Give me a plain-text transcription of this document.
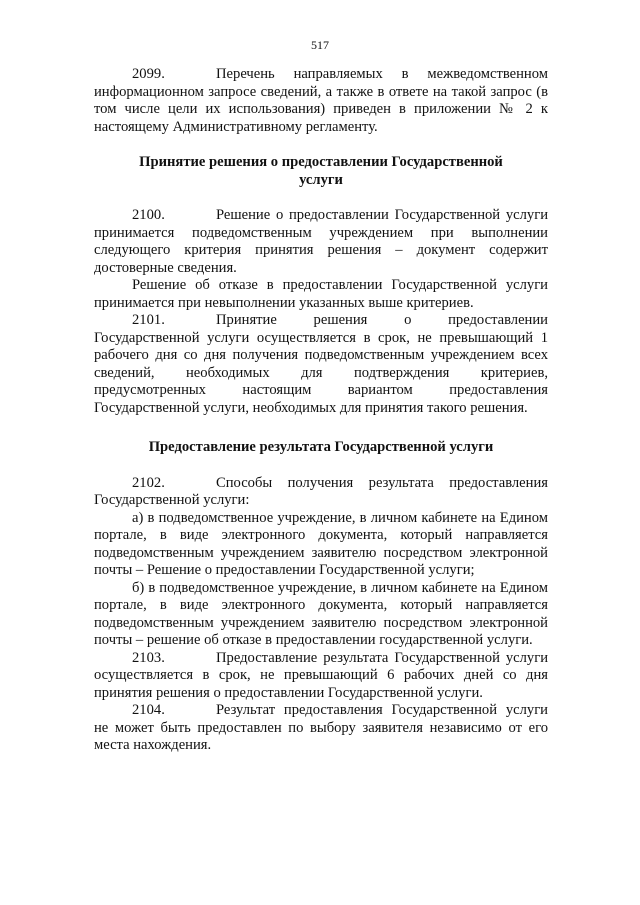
517

2099.	Перечень направляемых в межведомственном информационном запросе сведений, а также в ответе на такой запрос (в том числе цели их использования) приведен в приложении № 2 к настоящему Административному регламенту.

Принятие решения о предоставлении Государственной услуги

2100.	Решение о предоставлении Государственной услуги принимается подведомственным учреждением при выполнении следующего критерия принятия решения – документ содержит достоверные сведения.

Решение об отказе в предоставлении Государственной услуги принимается при невыполнении указанных выше критериев.

2101.	Принятие решения о предоставлении Государственной услуги осуществляется в срок, не превышающий 1 рабочего дня со дня получения подведомственным учреждением всех сведений, необходимых для подтверждения критериев, предусмотренных настоящим вариантом предоставления Государственной услуги, необходимых для принятия такого решения.

Предоставление результата Государственной услуги

2102.	Способы получения результата предоставления Государственной услуги:

а) в подведомственное учреждение, в личном кабинете на Едином портале, в виде электронного документа, который направляется подведомственным учреждением заявителю посредством электронной почты – Решение о предоставлении Государственной услуги;

б) в подведомственное учреждение, в личном кабинете на Едином портале, в виде электронного документа, который направляется подведомственным учреждением заявителю посредством электронной почты – решение об отказе в предоставлении государственной услуги.

2103.	Предоставление результата Государственной услуги осуществляется в срок, не превышающий 6 рабочих дней со дня принятия решения о предоставлении Государственной услуги.

2104.	Результат предоставления Государственной услуги не может быть предоставлен по выбору заявителя независимо от его места нахождения.
